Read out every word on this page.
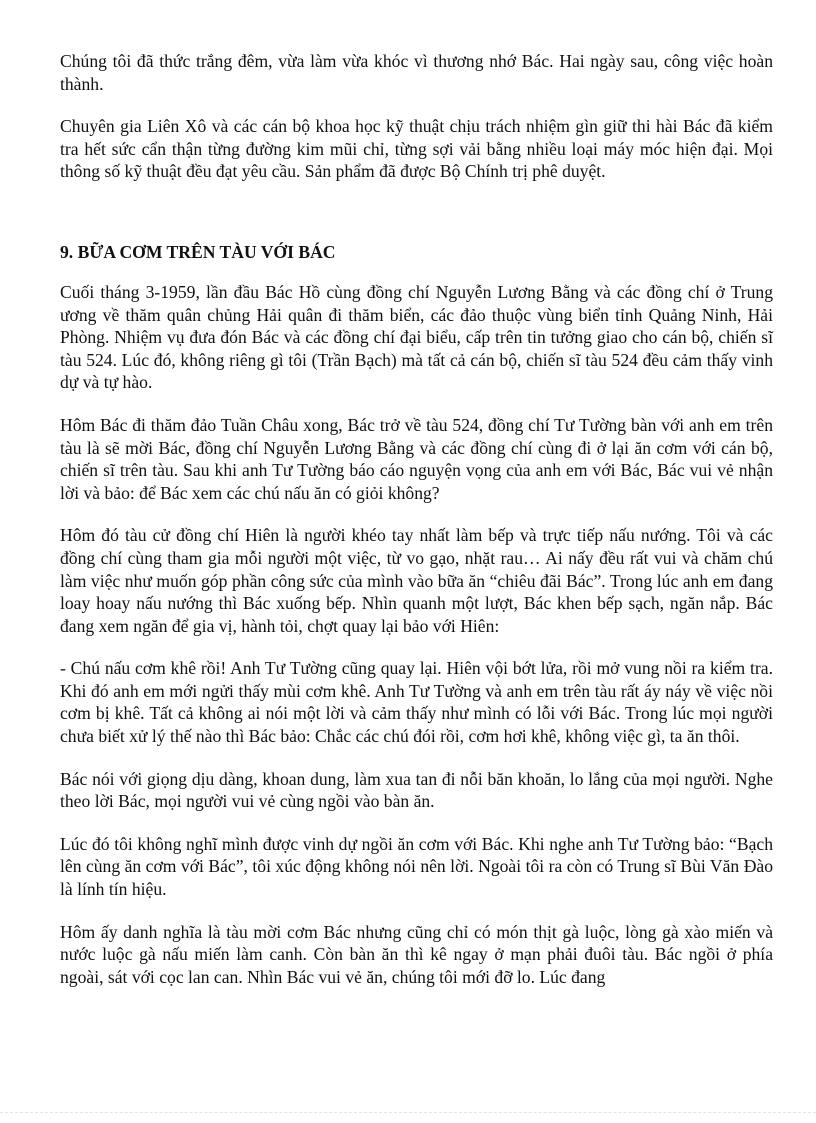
Chúng tôi đã thức trắng đêm, vừa làm vừa khóc vì thương nhớ Bác. Hai ngày sau, công việc hoàn thành.

Chuyên gia Liên Xô và các cán bộ khoa học kỹ thuật chịu trách nhiệm gìn giữ thi hài Bác đã kiểm tra hết sức cẩn thận từng đường kim mũi chỉ, từng sợi vải bằng nhiều loại máy móc hiện đại. Mọi thông số kỹ thuật đều đạt yêu cầu. Sản phẩm đã được Bộ Chính trị phê duyệt.

9. BỮA CƠM TRÊN TÀU VỚI BÁC

Cuối tháng 3-1959, lần đầu Bác Hồ cùng đồng chí Nguyễn Lương Bằng và các đồng chí ở Trung ương về thăm quân chủng Hải quân đi thăm biển, các đảo thuộc vùng biển tỉnh Quảng Ninh, Hải Phòng. Nhiệm vụ đưa đón Bác và các đồng chí đại biểu, cấp trên tin tưởng giao cho cán bộ, chiến sĩ tàu 524. Lúc đó, không riêng gì tôi (Trần Bạch) mà tất cả cán bộ, chiến sĩ tàu 524 đều cảm thấy vinh dự và tự hào.

Hôm Bác đi thăm đảo Tuần Châu xong, Bác trở về tàu 524, đồng chí Tư Tường bàn với anh em trên tàu là sẽ mời Bác, đồng chí Nguyễn Lương Bằng và các đồng chí cùng đi ở lại ăn cơm với cán bộ, chiến sĩ trên tàu. Sau khi anh Tư Tường báo cáo nguyện vọng của anh em với Bác, Bác vui vẻ nhận lời và bảo: để Bác xem các chú nấu ăn có giỏi không?

Hôm đó tàu cử đồng chí Hiên là người khéo tay nhất làm bếp và trực tiếp nấu nướng. Tôi và các đồng chí cùng tham gia mỗi người một việc, từ vo gạo, nhặt rau… Ai nấy đều rất vui và chăm chú làm việc như muốn góp phần công sức của mình vào bữa ăn “chiêu đãi Bác”. Trong lúc anh em đang loay hoay nấu nướng thì Bác xuống bếp. Nhìn quanh một lượt, Bác khen bếp sạch, ngăn nắp. Bác đang xem ngăn để gia vị, hành tỏi, chợt quay lại bảo với Hiên:

- Chú nấu cơm khê rồi! Anh Tư Tường cũng quay lại. Hiên vội bớt lửa, rồi mở vung nồi ra kiểm tra. Khi đó anh em mới ngửi thấy mùi cơm khê. Anh Tư Tường và anh em trên tàu rất áy náy về việc nồi cơm bị khê. Tất cả không ai nói một lời và cảm thấy như mình có lỗi với Bác. Trong lúc mọi người chưa biết xử lý thế nào thì Bác bảo: Chắc các chú đói rồi, cơm hơi khê, không việc gì, ta ăn thôi.

Bác nói với giọng dịu dàng, khoan dung, làm xua tan đi nỗi băn khoăn, lo lắng của mọi người. Nghe theo lời Bác, mọi người vui vẻ cùng ngồi vào bàn ăn.

Lúc đó tôi không nghĩ mình được vinh dự ngồi ăn cơm với Bác. Khi nghe anh Tư Tường bảo: “Bạch lên cùng ăn cơm với Bác”, tôi xúc động không nói nên lời. Ngoài tôi ra còn có Trung sĩ Bùi Văn Đào là lính tín hiệu.

Hôm ấy danh nghĩa là tàu mời cơm Bác nhưng cũng chỉ có món thịt gà luộc, lòng gà xào miến và nước luộc gà nấu miến làm canh. Còn bàn ăn thì kê ngay ở mạn phải đuôi tàu. Bác ngồi ở phía ngoài, sát với cọc lan can. Nhìn Bác vui vẻ ăn, chúng tôi mới đỡ lo. Lúc đang
